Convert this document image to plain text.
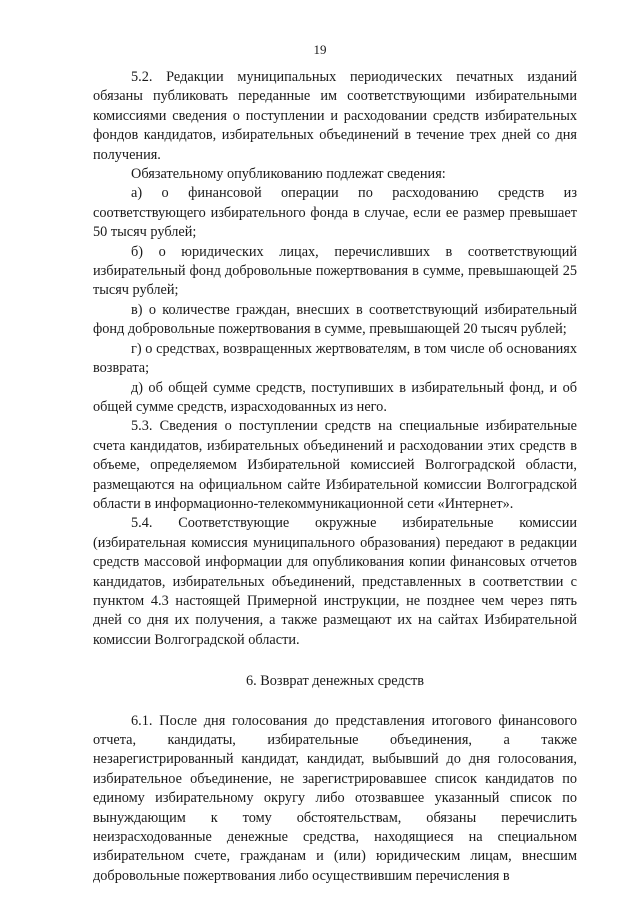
19

5.2. Редакции муниципальных периодических печатных изданий обязаны публиковать переданные им соответствующими избирательными комиссиями сведения о поступлении и расходовании средств избирательных фондов кандидатов, избирательных объединений в течение трех дней со дня получения.

Обязательному опубликованию подлежат сведения:

а) о финансовой операции по расходованию средств из соответствующего избирательного фонда в случае, если ее размер превышает 50 тысяч рублей;

б) о юридических лицах, перечисливших в соответствующий избирательный фонд добровольные пожертвования в сумме, превышающей 25 тысяч рублей;

в) о количестве граждан, внесших в соответствующий избирательный фонд добровольные пожертвования в сумме, превышающей 20 тысяч рублей;

г) о средствах, возвращенных жертвователям, в том числе об основаниях возврата;

д) об общей сумме средств, поступивших в избирательный фонд, и об общей сумме средств, израсходованных из него.

5.3. Сведения о поступлении средств на специальные избирательные счета кандидатов, избирательных объединений и расходовании этих средств в объеме, определяемом Избирательной комиссией Волгоградской области, размещаются на официальном сайте Избирательной комиссии Волгоградской области в информационно-телекоммуникационной сети «Интернет».

5.4. Соответствующие окружные избирательные комиссии (избирательная комиссия муниципального образования) передают в редакции средств массовой информации для опубликования копии финансовых отчетов кандидатов, избирательных объединений, представленных в соответствии с пунктом 4.3 настоящей Примерной инструкции, не позднее чем через пять дней со дня их получения, а также размещают их на сайтах Избирательной комиссии Волгоградской области.

6. Возврат денежных средств

6.1. После дня голосования до представления итогового финансового отчета, кандидаты, избирательные объединения, а также незарегистрированный кандидат, кандидат, выбывший до дня голосования, избирательное объединение, не зарегистрировавшее список кандидатов по единому избирательному округу либо отозвавшее указанный список по вынуждающим к тому обстоятельствам, обязаны перечислить неизрасходованные денежные средства, находящиеся на специальном избирательном счете, гражданам и (или) юридическим лицам, внесшим добровольные пожертвования либо осуществившим перечисления в
